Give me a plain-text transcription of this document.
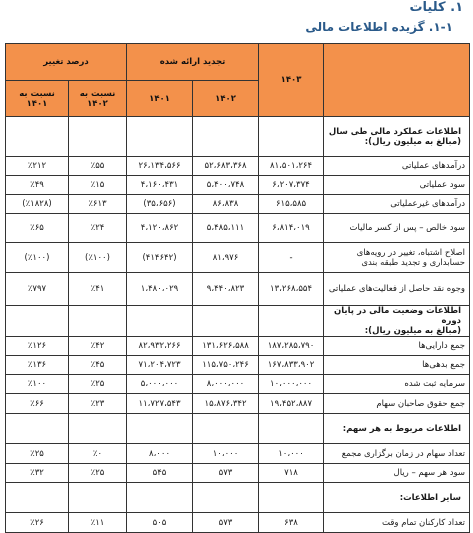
۱. کلیات
۱-۱. گزیده اطلاعات مالی
	۱۴۰۳	تجدید ارائه شده		درصد تغییر	
		۱۴۰۲	۱۴۰۱	نسبت به ۱۴۰۲	نسبت به ۱۴۰۱
اطلاعات عملکرد مالی طی سال
(مبالغ به میلیون ریال):					
درآمدهای عملیاتی	۸۱،۵۰۱،۲۶۴	۵۲،۶۸۳،۳۶۸	۲۶،۱۳۴،۵۶۶	٪۵۵	٪۲۱۲
سود عملیاتی	۶،۲۰۷،۳۷۴	۵،۴۰۰،۷۴۸	۴،۱۶۰،۴۳۱	٪۱۵	٪۴۹
درآمدهای غیرعملیاتی	۶۱۵،۵۸۵	۸۶،۸۳۸	(۳۵،۶۵۶)	٪۶۱۳	(٪۱۸۲۸)
سود خالص – پس از کسر مالیات	۶،۸۱۴،۰۱۹	۵،۴۸۵،۱۱۱	۴،۱۲۰،۸۶۲	٪۲۴	٪۶۵
اصلاح اشتباه، تغییر در رویه‌های حسابداری و تجدید طبقه بندی	-	۸۱،۹۷۶	(۴۱۴۶۴۲)	(٪۱۰۰)	(٪۱۰۰)
وجوه نقد حاصل از فعالیت‌های عملیاتی	۱۳،۲۶۸،۵۵۴	۹،۴۴۰،۸۲۳	۱،۴۸۰،۰۲۹	٪۴۱	٪۷۹۷
اطلاعات وضعیت مالی در پایان دوره
(مبالغ به میلیون ریال):					
جمع دارایی‌ها	۱۸۷،۲۸۵،۷۹۰	۱۳۱،۶۲۶،۵۸۸	۸۲،۹۳۲،۲۶۶	٪۴۲	٪۱۲۶
جمع بدهی‌ها	۱۶۷،۸۳۳،۹۰۲	۱۱۵،۷۵۰،۲۴۶	۷۱،۲۰۴،۷۲۳	٪۴۵	٪۱۳۶
سرمایه ثبت شده	۱۰،۰۰۰،۰۰۰	۸،۰۰۰،۰۰۰	۵،۰۰۰،۰۰۰	٪۲۵	٪۱۰۰
جمع حقوق صاحبان سهام	۱۹،۴۵۲،۸۸۷	۱۵،۸۷۶،۳۴۲	۱۱،۷۲۷،۵۴۳	٪۲۳	٪۶۶
اطلاعات مربوط به هر سهم:					
تعداد سهام در زمان برگزاری مجمع	۱۰،۰۰۰	۱۰،۰۰۰	۸،۰۰۰	٪۰	٪۲۵
سود هر سهم – ریال	۷۱۸	۵۷۳	۵۴۵	٪۲۵	٪۳۲
سایر اطلاعات:					
تعداد کارکنان تمام وقت	۶۳۸	۵۷۳	۵۰۵	٪۱۱	٪۲۶
